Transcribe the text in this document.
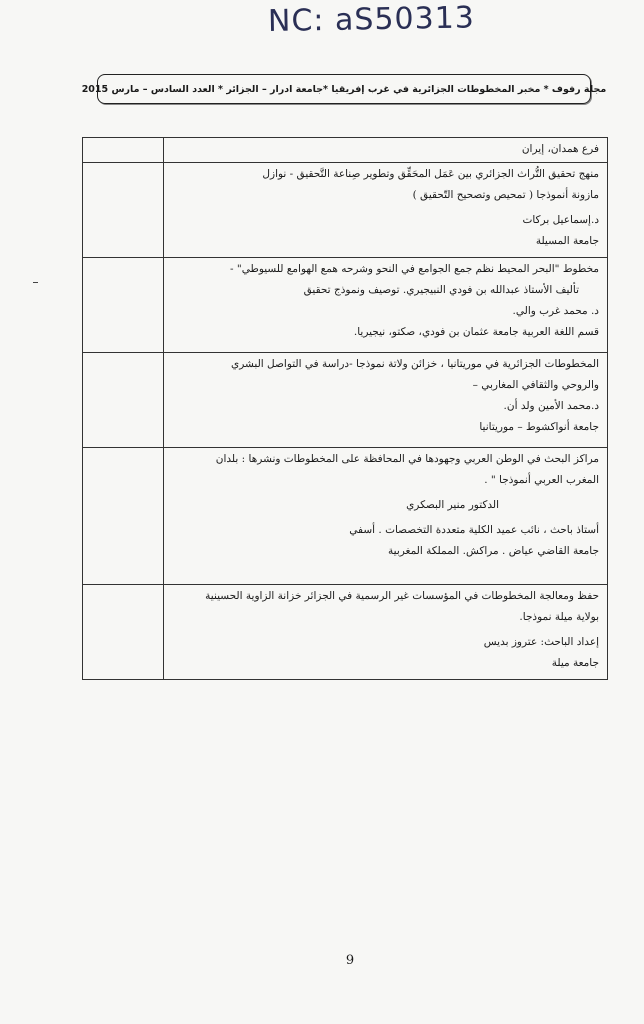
NC: aS50313
مجلة رفوف * مخبر المخطوطات الجزائرية في غرب إفريقيا *جامعة ادرار – الجزائر * العدد السادس – مارس 2015
فرع همدان، إيران	

منهج تحقيق التُّراث الجزائري بين عَمَل المحَقِّق وتطوير صِناعة التَّحقيق - نوازل
مازونة أنموذجا ( تمحيص وتصحيح التّحقيق )
د.إسماعيل بركات
جامعة المسيلة	

مخطوط "البحر المحيط نظم جمع الجوامع في النحو وشرحه همع الهوامع للسيوطي" -
تأليف الأستاذ عبدالله بن فودي النبيجيري. توصيف ونموذج تحقيق
د. محمد غرب والي.
قسم اللغة العربية جامعة عثمان بن فودي، صكتو، نيجيريا.	

المخطوطات الجزائرية في موريتانيا ، خزائن ولاتة نموذجا -دراسة في التواصل البشري
والروحي والثقافي المغاربي –
د.محمد الأمين ولد أن.
جامعة أنواكشوط – موريتانيا	

مراكز البحث في الوطن العربي وجهودها في المحافظة على المخطوطات ونشرها : بلدان
المغرب العربي أنموذجا " .
الدكتور منير البصكري
أستاذ باحث ، نائب عميد الكلية متعددة التخصصات . أسفي
جامعة القاضي عياض . مراكش. المملكة المغربية	

حفظ ومعالجة المخطوطات في المؤسسات غير الرسمية في الجزائر خزانة الزاوية الحسينية
بولاية ميلة نموذجا.
إعداد الباحث: عتروز بديس
جامعة ميلة	

9
